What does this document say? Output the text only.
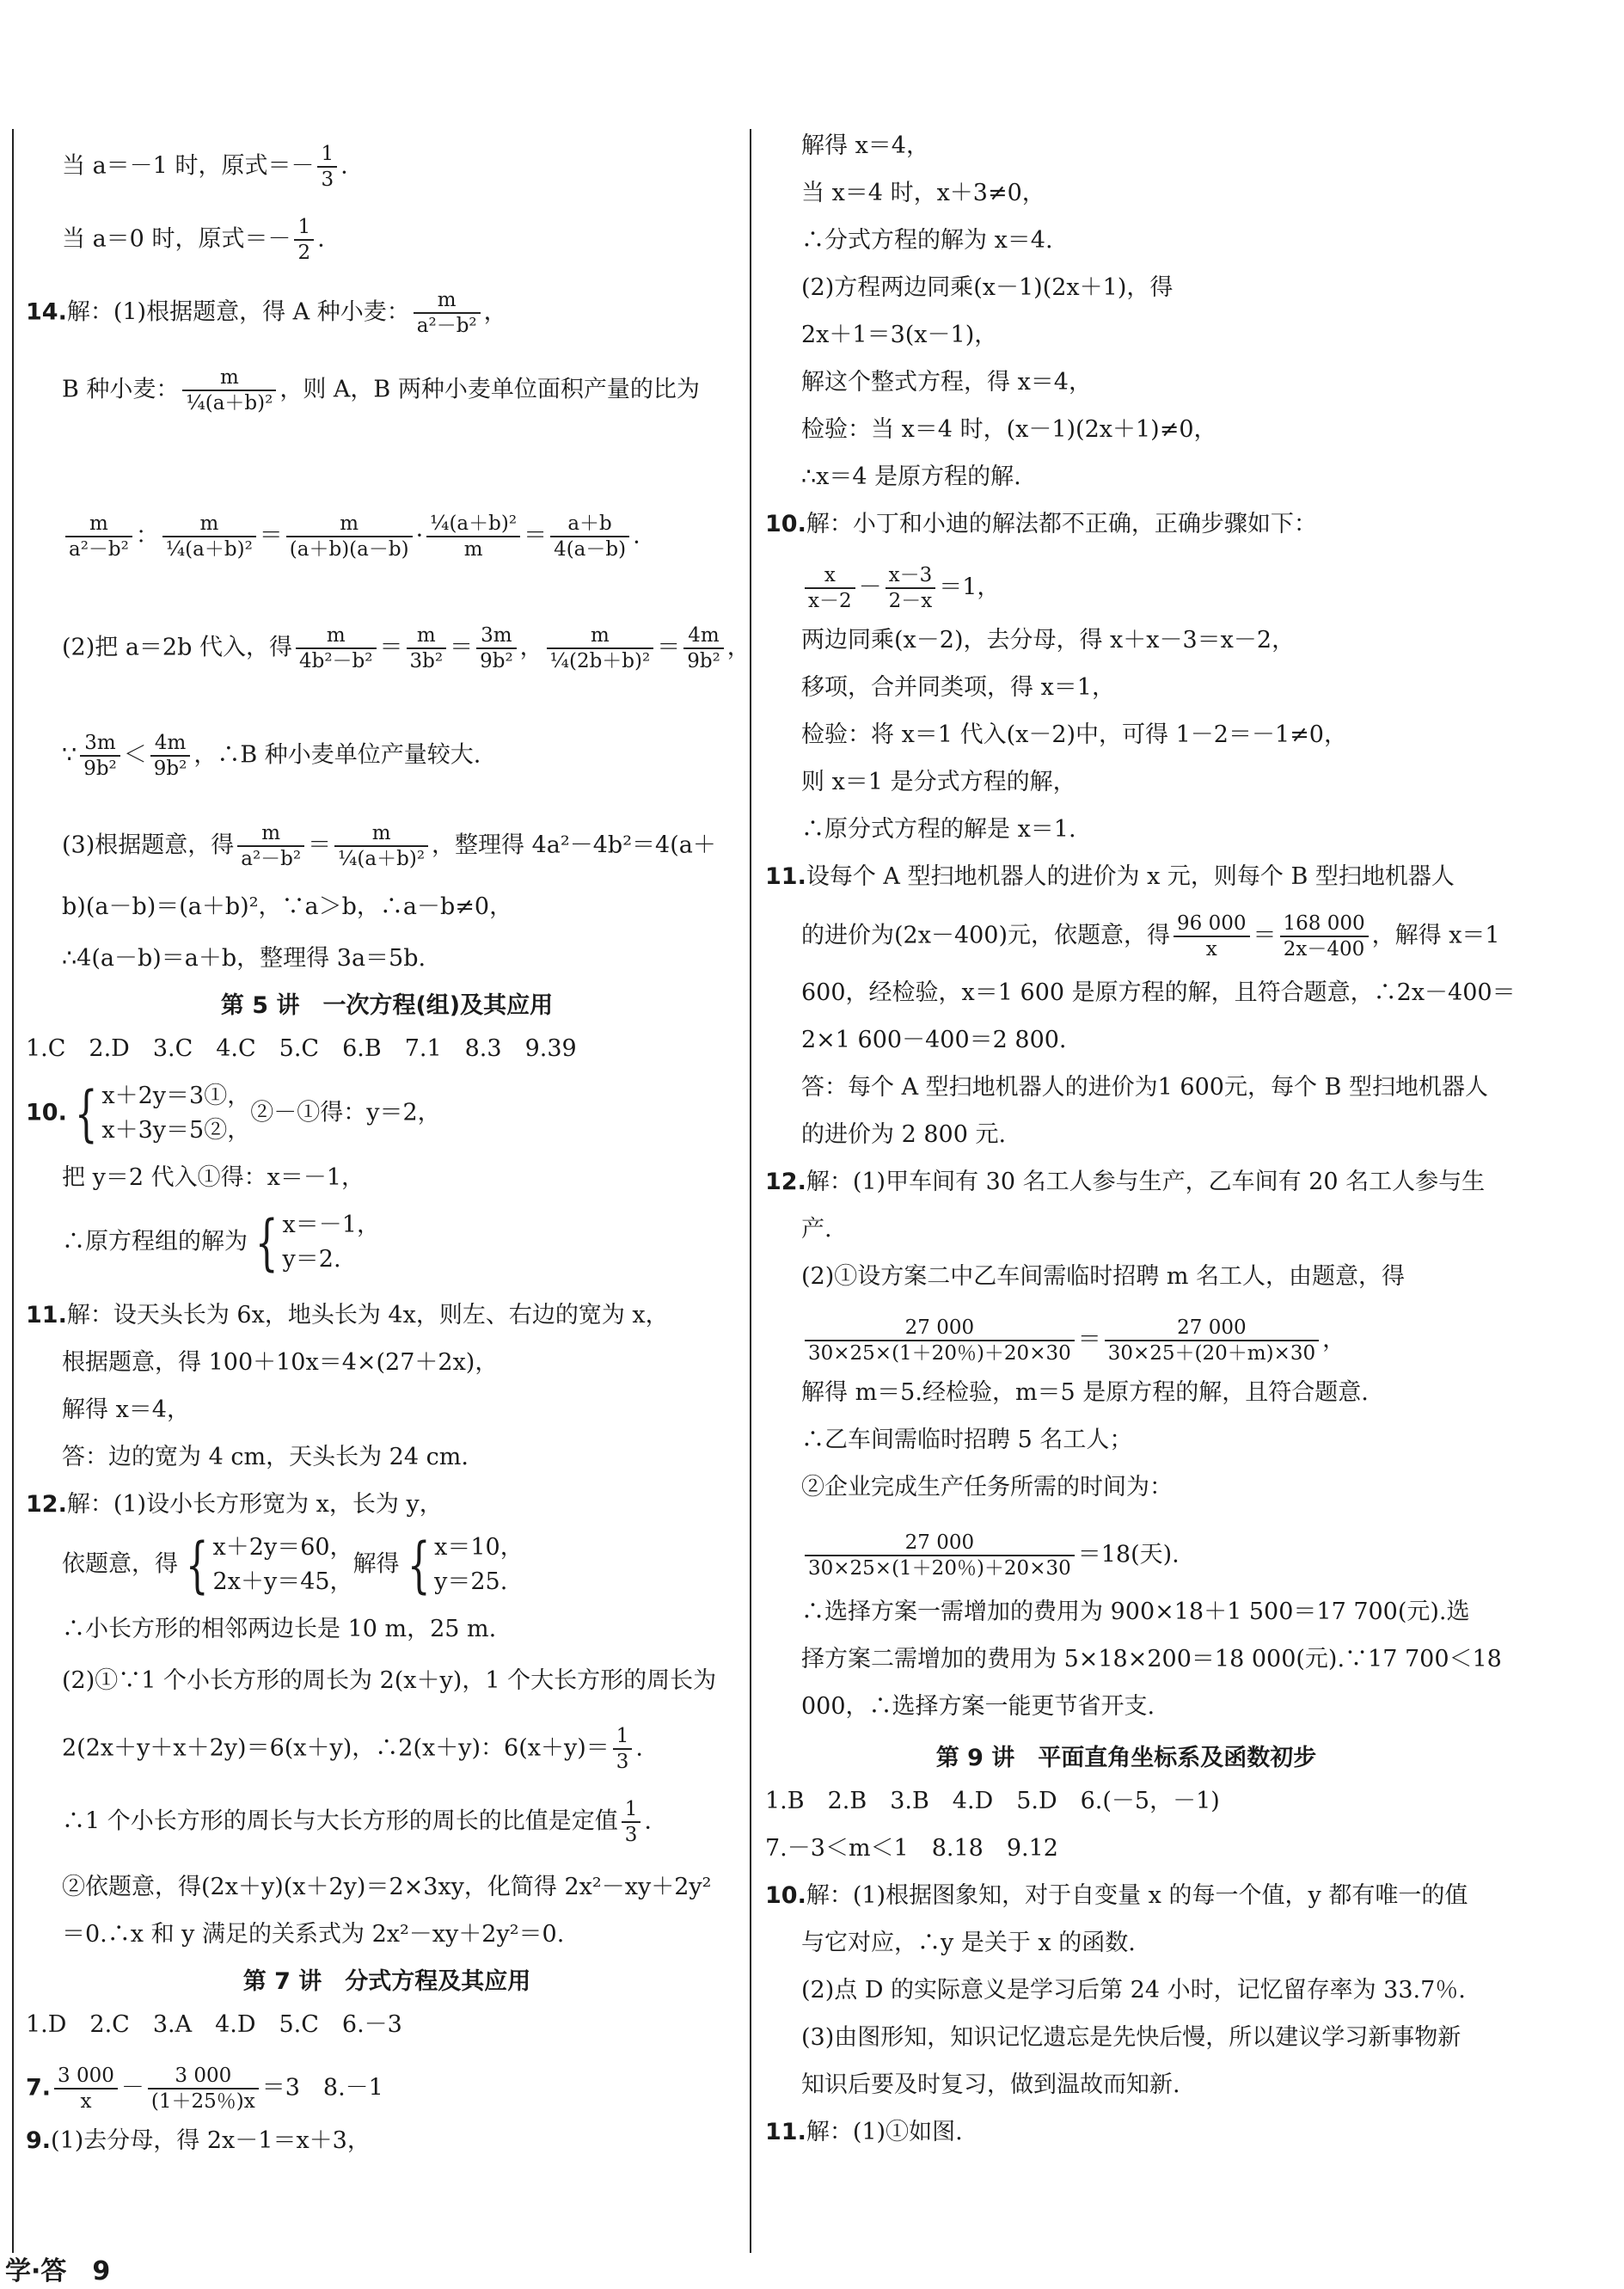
当 a＝－1 时，原式＝－ $\frac{1}{3}$ .
当 a＝0 时，原式＝－ $\frac{1}{2}$ .
14.解：(1)根据题意，得 A 种小麦： $\frac{m}{\text{a²－b²}}$ ，
B 种小麦： $\frac{m}{\text{¼(a＋b)²}}$ ，则 A，B 两种小麦单位面积产量的比为
$\frac{m}{\text{a²－b²}}$ ： $\frac{m}{\text{¼(a＋b)²}} = \frac{m}{(a+b)(a-b)} \cdot \frac{\text{¼(a＋b)²}}{m} = \frac{a+b}{4(a-b)}$ .
(2)把 a＝2b 代入，得 $\frac{m}{\text{4b²－b²}} = \frac{m}{\text{3b²}} = \frac{3m}{\text{9b²}}$ ， $\frac{m}{\text{¼(2b＋b)²}} = \frac{4m}{\text{9b²}}$ ，
∵ $\frac{3m}{\text{9b²}} < \frac{4m}{\text{9b²}}$ ，∴B 种小麦单位产量较大.
(3)根据题意，得 $\frac{m}{\text{a²－b²}} = \frac{m}{\text{¼(a＋b)²}}$ ，整理得 4a²－4b²＝4(a＋
b)(a－b)＝(a＋b)²，∵a＞b，∴a－b≠0，
∴4(a－b)＝a＋b，整理得 3a＝5b.
第 5 讲　一次方程(组)及其应用
1.C　2.D　3.C　4.C　5.C　6.B　7.1　8.3　9.39
10. { x＋2y＝3①，
x＋3y＝5②，②－①得：y＝2，
把 y＝2 代入①得：x＝－1，
∴原方程组的解为 { x＝－1，
y＝2.
11.解：设天头长为 6x，地头长为 4x，则左、右边的宽为 x，
根据题意，得 100＋10x＝4×(27＋2x)，
解得 x＝4，
答：边的宽为 4 cm，天头长为 24 cm.
12.解：(1)设小长方形宽为 x，长为 y，
依题意，得 { x＋2y＝60，
2x＋y＝45，解得 { x＝10，
y＝25.
∴小长方形的相邻两边长是 10 m，25 m.
(2)①∵1 个小长方形的周长为 2(x＋y)，1 个大长方形的周长为
2(2x＋y＋x＋2y)＝6(x＋y)，∴2(x＋y)：$6(x+y)= \frac{1}{3}$ .
∴1 个小长方形的周长与大长方形的周长的比值是定值 $\frac{1}{3}$ .
②依题意，得(2x＋y)(x＋2y)＝2×3xy，化简得 2x²－xy＋2y²
＝0.∴x 和 y 满足的关系式为 2x²－xy＋2y²＝0.
第 7 讲　分式方程及其应用
1.D　2.C　3.A　4.D　5.C　6.－3
7. $\frac{3 000}{x} - \frac{3 000}{(1+25\%)x} =3$　8.－1
9.(1)去分母，得 2x－1＝x＋3，
解得 x＝4，
当 x＝4 时，x＋3≠0，
∴分式方程的解为 x＝4.
(2)方程两边同乘(x－1)(2x＋1)，得
2x＋1＝3(x－1)，
解这个整式方程，得 x＝4，
检验：当 x＝4 时，(x－1)(2x＋1)≠0，
∴x＝4 是原方程的解.
10.解：小丁和小迪的解法都不正确，正确步骤如下：
$\frac{x}{x-2} - \frac{x-3}{2-x} =1$，
两边同乘(x－2)，去分母，得 x＋x－3＝x－2，
移项，合并同类项，得 x＝1，
检验：将 x＝1 代入(x－2)中，可得 1－2＝－1≠0，
则 x＝1 是分式方程的解，
∴原分式方程的解是 x＝1.
11.设每个 A 型扫地机器人的进价为 x 元，则每个 B 型扫地机器人
的进价为(2x－400)元，依题意，得 $\frac{96 000}{x} = \frac{168 000}{2x-400}$ ，解得 x＝1
600，经检验，x＝1 600 是原方程的解，且符合题意，∴2x－400＝
2×1 600－400＝2 800.
答：每个 A 型扫地机器人的进价为1 600元，每个 B 型扫地机器人
的进价为 2 800 元.
12.解：(1)甲车间有 30 名工人参与生产，乙车间有 20 名工人参与生
产.
(2)①设方案二中乙车间需临时招聘 m 名工人，由题意，得
$\frac{27 000}{30\times 25\times(1+20\%)+20\times 30} = \frac{27 000}{30\times 25+(20+m)\times 30}$ ，
解得 m＝5.经检验，m＝5 是原方程的解，且符合题意.
∴乙车间需临时招聘 5 名工人；
②企业完成生产任务所需的时间为：
$\frac{27 000}{30\times 25\times(1+20\%)+20\times 30} =18$(天).
∴选择方案一需增加的费用为 900×18＋1 500＝17 700(元).选
择方案二需增加的费用为 5×18×200＝18 000(元).∵17 700＜18
000，∴选择方案一能更节省开支.
第 9 讲　平面直角坐标系及函数初步
1.B　2.B　3.B　4.D　5.D　6.(－5，－1)
7.－3＜m＜1　8.18　9.12
10.解：(1)根据图象知，对于自变量 x 的每一个值，y 都有唯一的值
与它对应，∴y 是关于 x 的函数.
(2)点 D 的实际意义是学习后第 24 小时，记忆留存率为 33.7％.
(3)由图形知，知识记忆遗忘是先快后慢，所以建议学习新事物新
知识后要及时复习，做到温故而知新.
11.解：(1)①如图.
学·答　9
